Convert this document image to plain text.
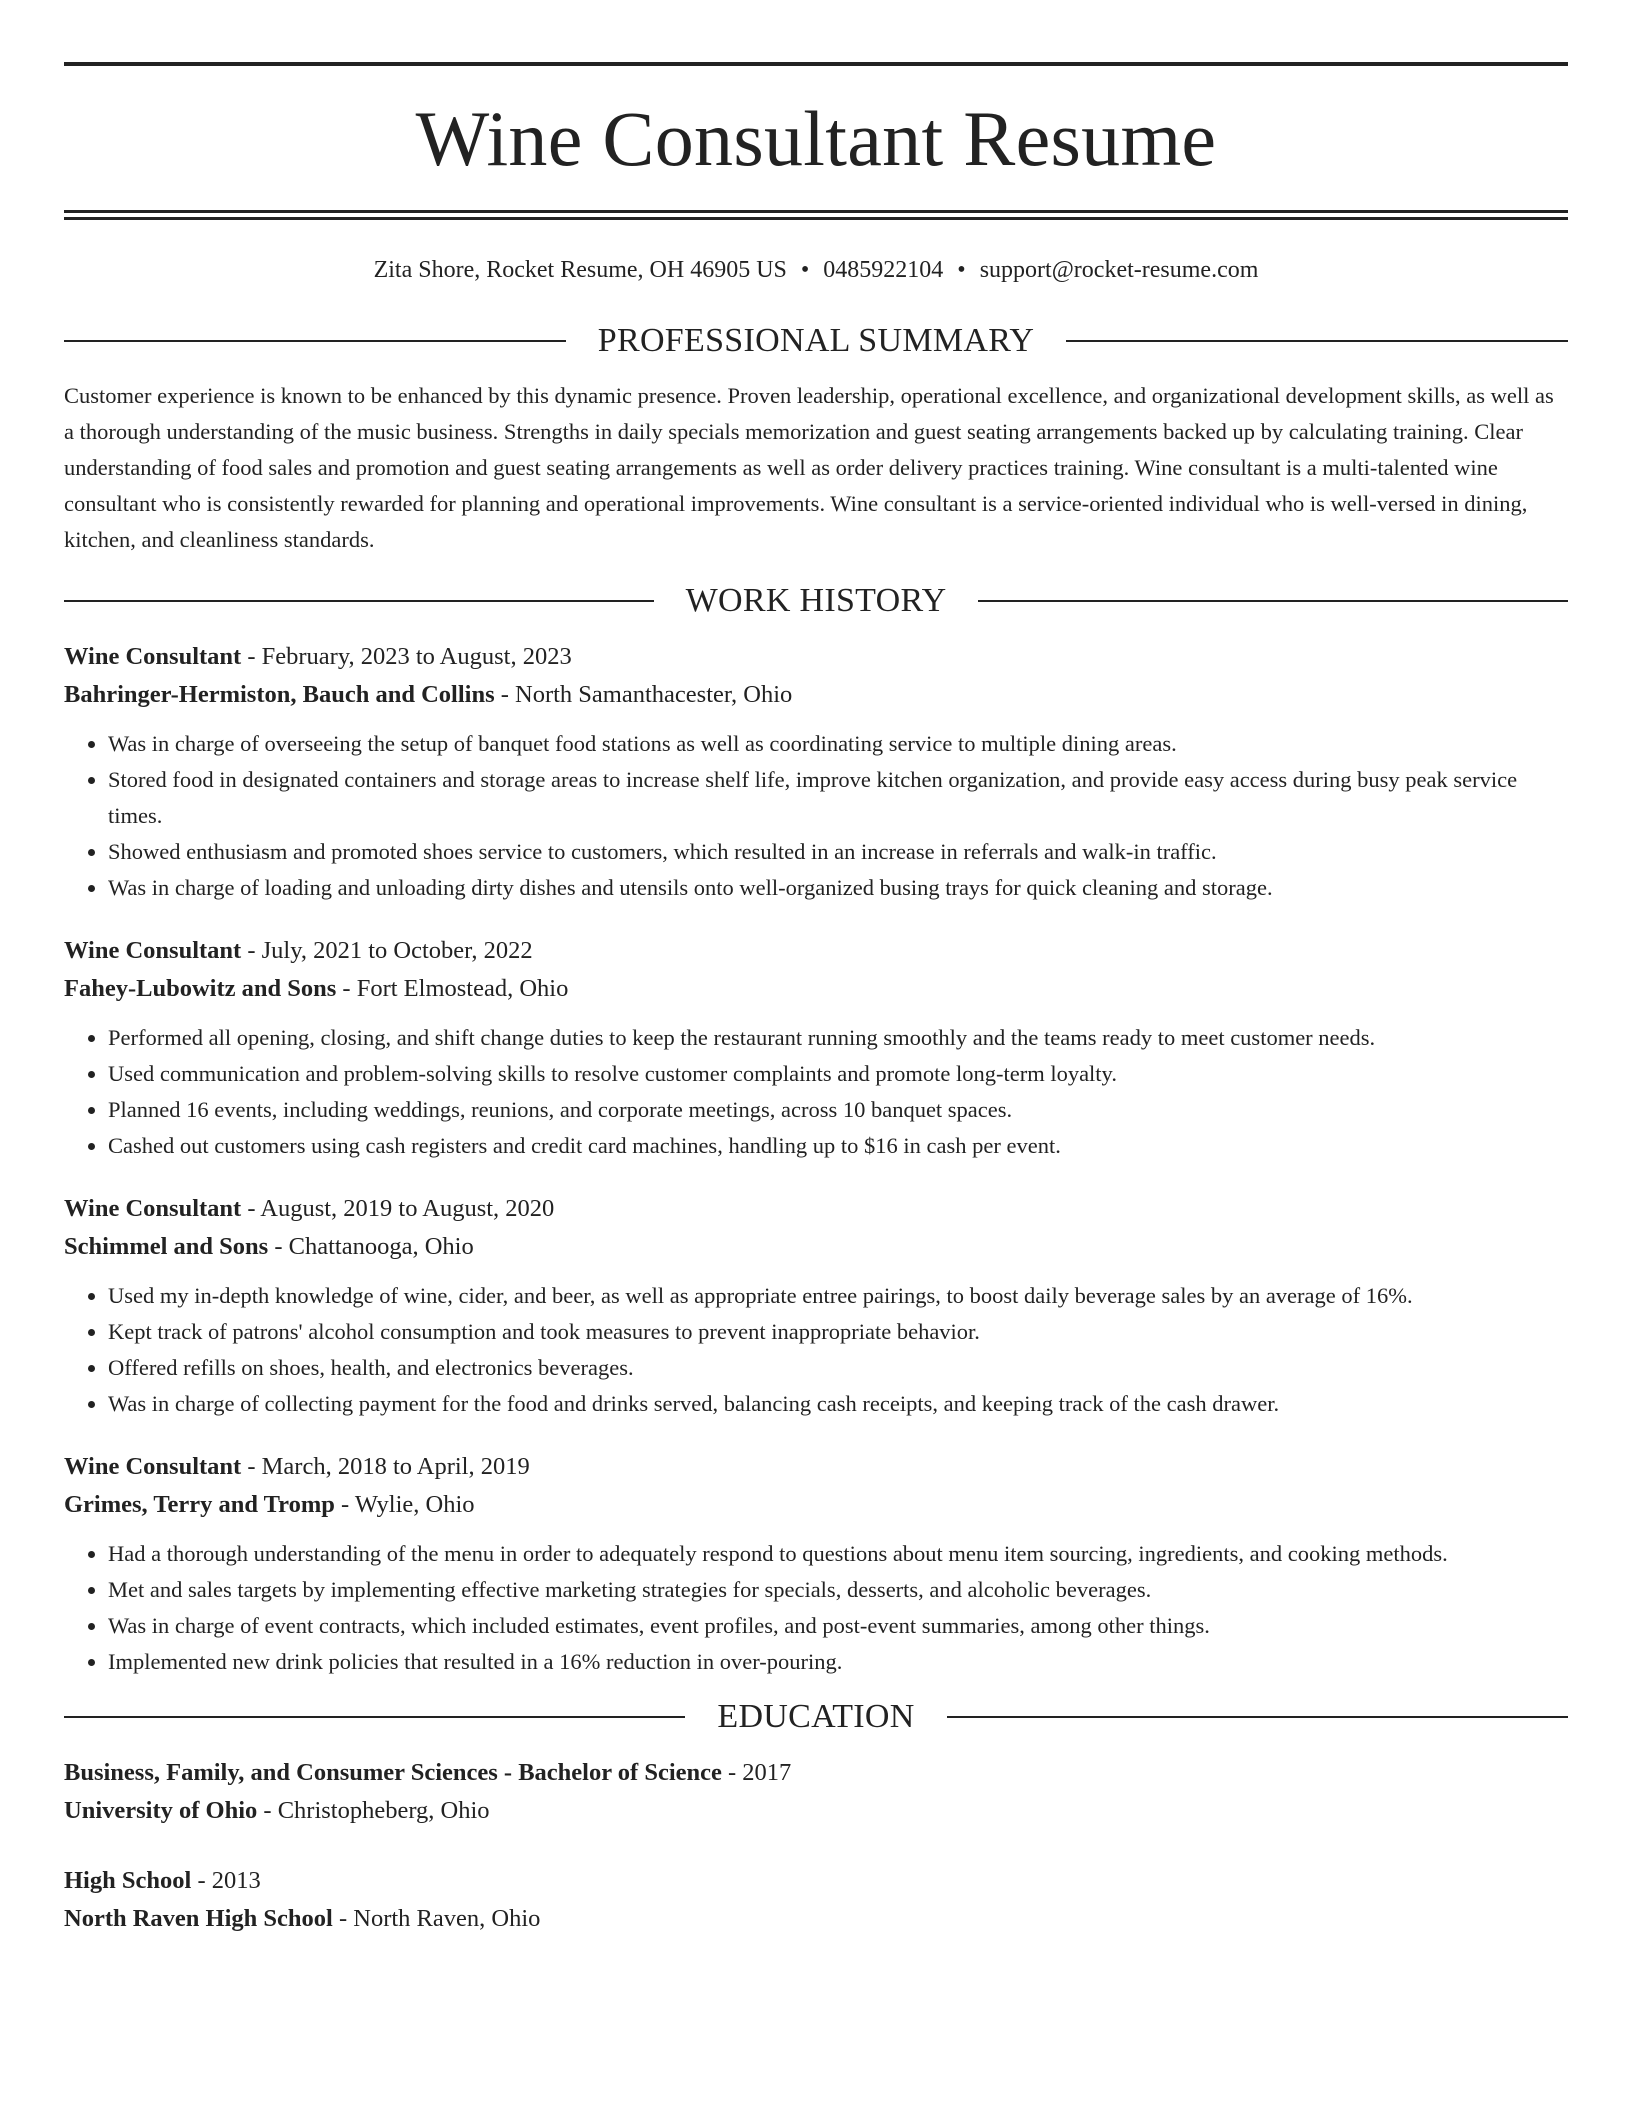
Wine Consultant Resume
Zita Shore, Rocket Resume, OH 46905 US • 0485922104 • support@rocket-resume.com
PROFESSIONAL SUMMARY

Customer experience is known to be enhanced by this dynamic presence. Proven leadership, operational excellence, and organizational development skills, as well as a thorough understanding of the music business. Strengths in daily specials memorization and guest seating arrangements backed up by calculating training. Clear understanding of food sales and promotion and guest seating arrangements as well as order delivery practices training. Wine consultant is a multi-talented wine consultant who is consistently rewarded for planning and operational improvements. Wine consultant is a service-oriented individual who is well-versed in dining, kitchen, and cleanliness standards.

WORK HISTORY
Wine Consultant - February, 2023 to August, 2023
Bahringer-Hermiston, Bauch and Collins - North Samanthacester, Ohio
• Was in charge of overseeing the setup of banquet food stations as well as coordinating service to multiple dining areas.
• Stored food in designated containers and storage areas to increase shelf life, improve kitchen organization, and provide easy access during busy peak service times.
• Showed enthusiasm and promoted shoes service to customers, which resulted in an increase in referrals and walk-in traffic.
• Was in charge of loading and unloading dirty dishes and utensils onto well-organized busing trays for quick cleaning and storage.
Wine Consultant - July, 2021 to October, 2022
Fahey-Lubowitz and Sons - Fort Elmostead, Ohio
• Performed all opening, closing, and shift change duties to keep the restaurant running smoothly and the teams ready to meet customer needs.
• Used communication and problem-solving skills to resolve customer complaints and promote long-term loyalty.
• Planned 16 events, including weddings, reunions, and corporate meetings, across 10 banquet spaces.
• Cashed out customers using cash registers and credit card machines, handling up to $16 in cash per event.
Wine Consultant - August, 2019 to August, 2020
Schimmel and Sons - Chattanooga, Ohio
• Used my in-depth knowledge of wine, cider, and beer, as well as appropriate entree pairings, to boost daily beverage sales by an average of 16%.
• Kept track of patrons' alcohol consumption and took measures to prevent inappropriate behavior.
• Offered refills on shoes, health, and electronics beverages.
• Was in charge of collecting payment for the food and drinks served, balancing cash receipts, and keeping track of the cash drawer.
Wine Consultant - March, 2018 to April, 2019
Grimes, Terry and Tromp - Wylie, Ohio
• Had a thorough understanding of the menu in order to adequately respond to questions about menu item sourcing, ingredients, and cooking methods.
• Met and sales targets by implementing effective marketing strategies for specials, desserts, and alcoholic beverages.
• Was in charge of event contracts, which included estimates, event profiles, and post-event summaries, among other things.
• Implemented new drink policies that resulted in a 16% reduction in over-pouring.
EDUCATION
Business, Family, and Consumer Sciences - Bachelor of Science - 2017
University of Ohio - Christopheberg, Ohio
High School - 2013
North Raven High School - North Raven, Ohio
